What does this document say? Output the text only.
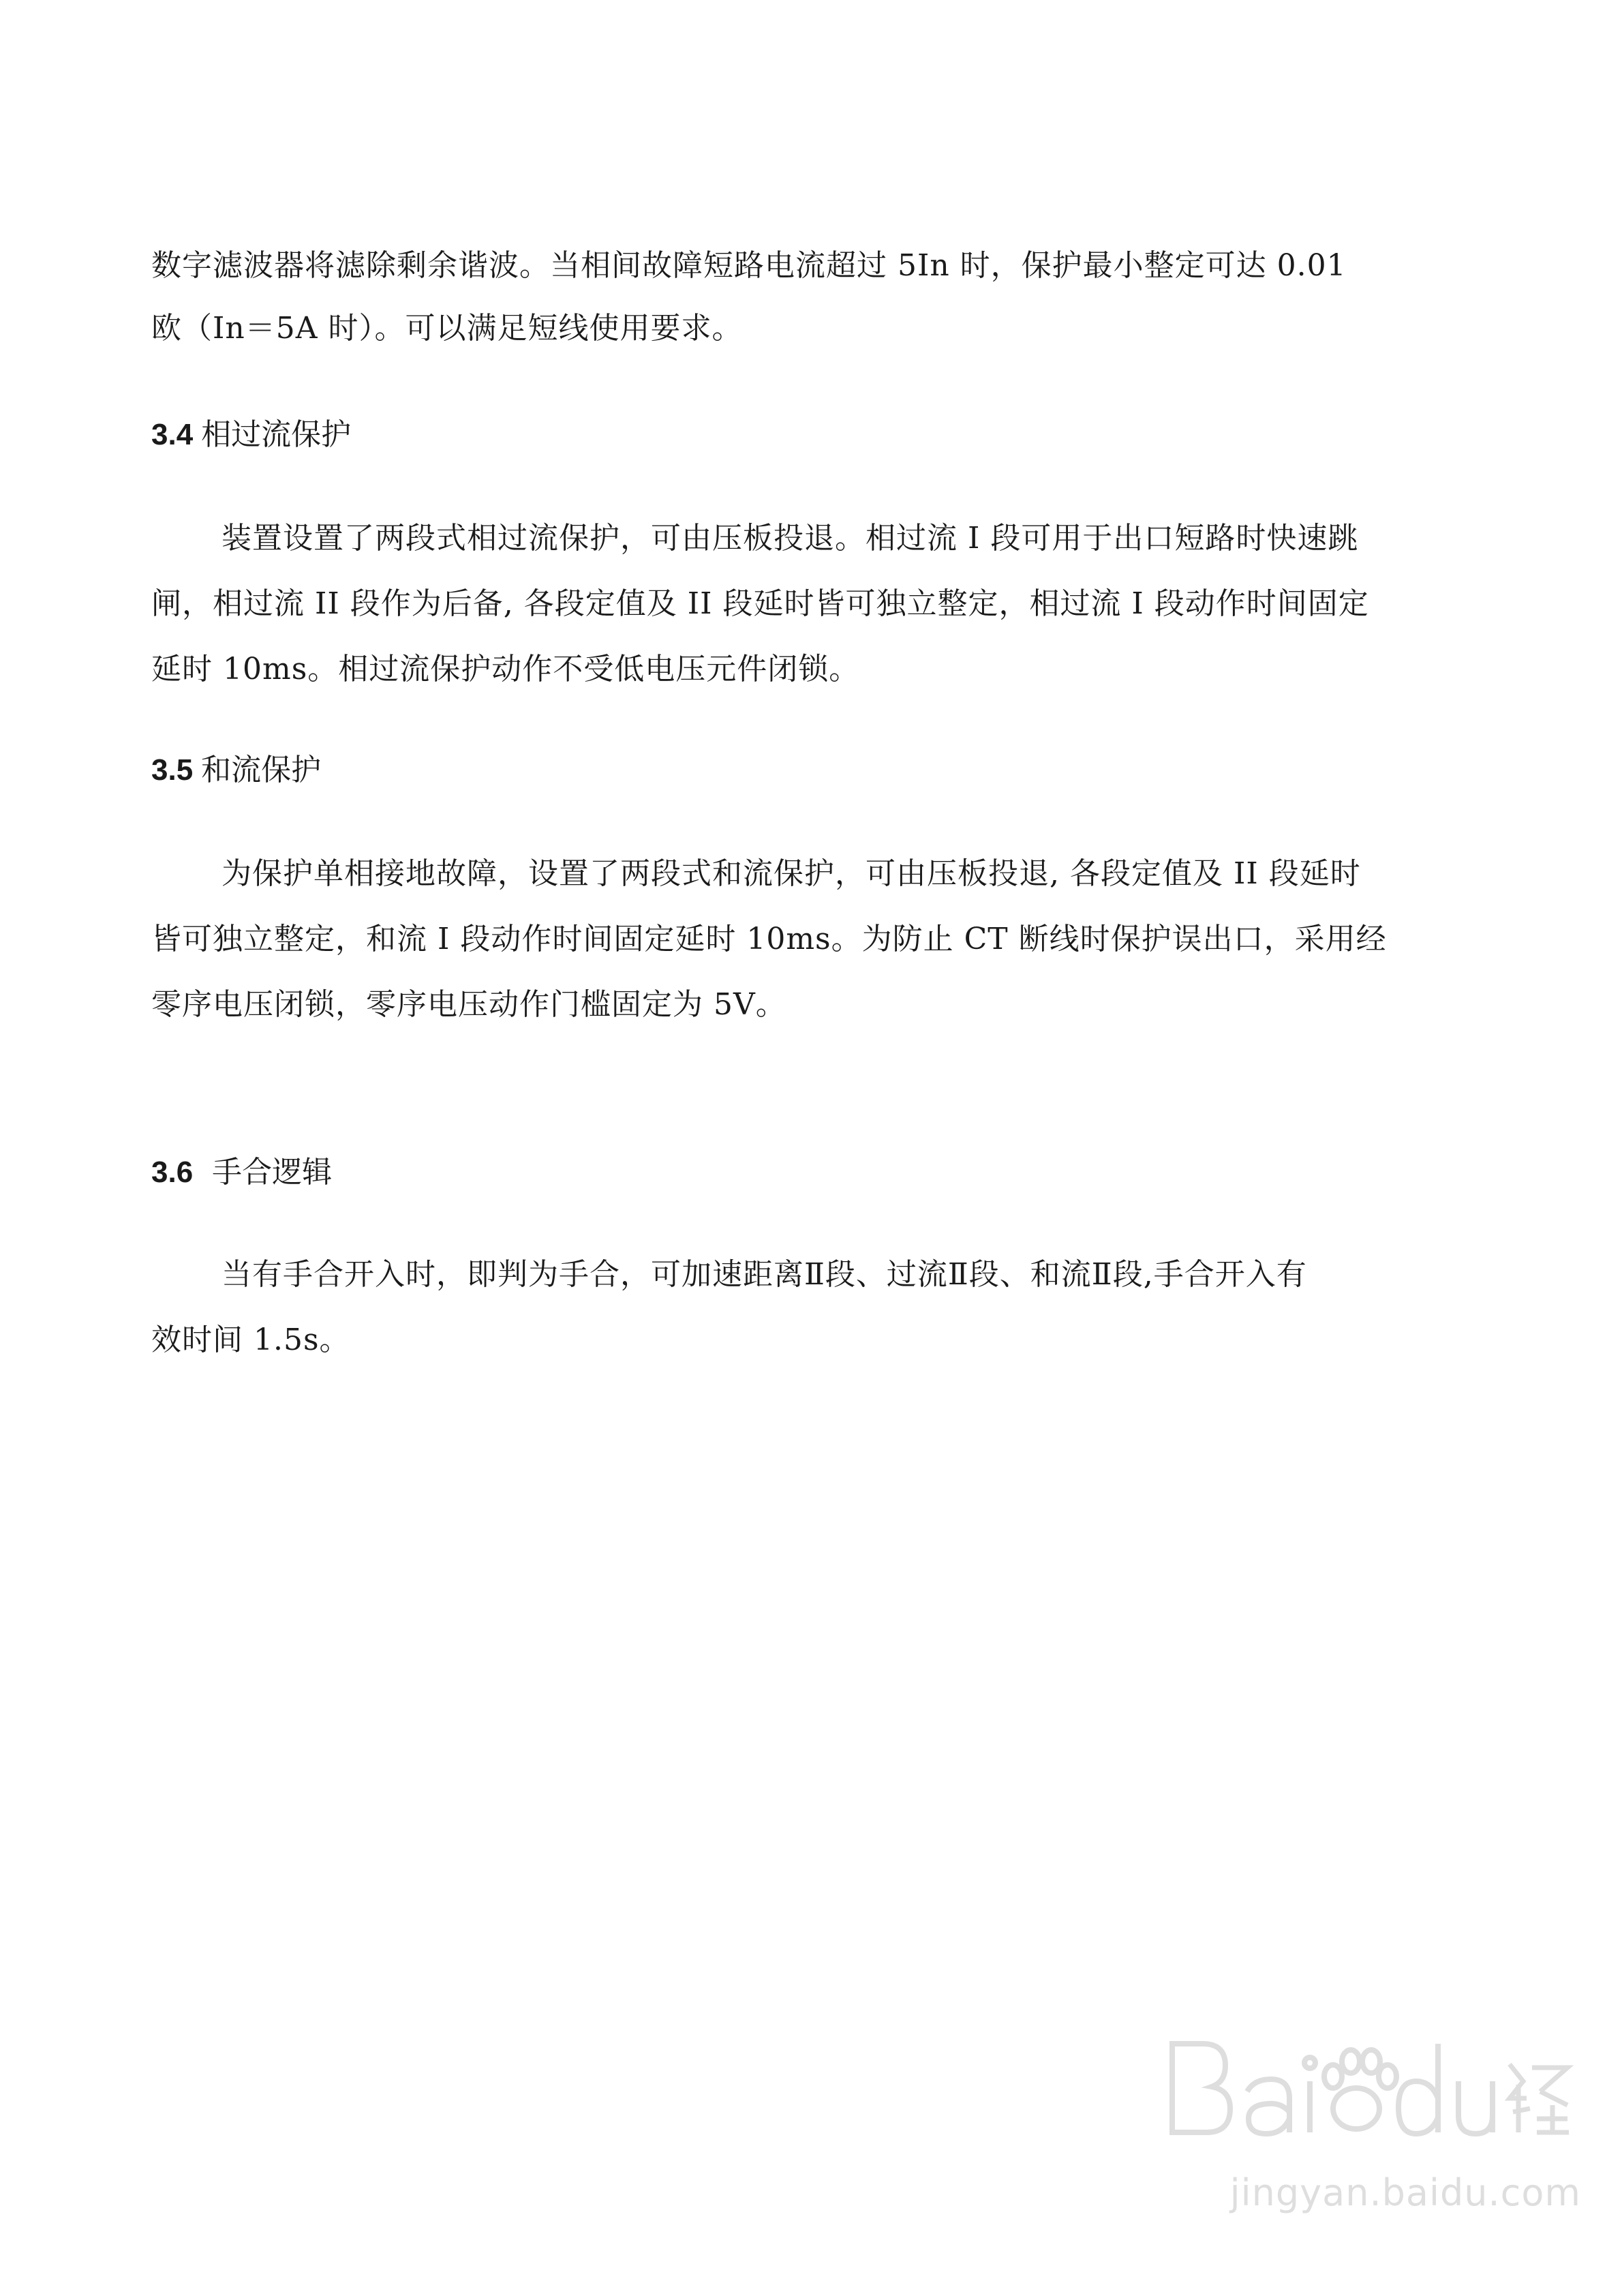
数字滤波器将滤除剩余谐波。当相间故障短路电流超过 5In 时，保护最小整定可达 0.01
欧（In＝5A 时）。可以满足短线使用要求。
3.4 相过流保护
装置设置了两段式相过流保护，可由压板投退。相过流 I 段可用于出口短路时快速跳
闸，相过流 II 段作为后备, 各段定值及 II 段延时皆可独立整定，相过流 I 段动作时间固定
延时 10ms。相过流保护动作不受低电压元件闭锁。
3.5 和流保护
为保护单相接地故障，设置了两段式和流保护，可由压板投退, 各段定值及 II 段延时
皆可独立整定，和流 I 段动作时间固定延时 10ms。为防止 CT 断线时保护误出口，采用经
零序电压闭锁，零序电压动作门槛固定为 5V。
3.6 手合逻辑
当有手合开入时，即判为手合，可加速距离Ⅱ段、过流Ⅱ段、和流Ⅱ段,手合开入有
效时间 1.5s。
jingyan.baidu.com
